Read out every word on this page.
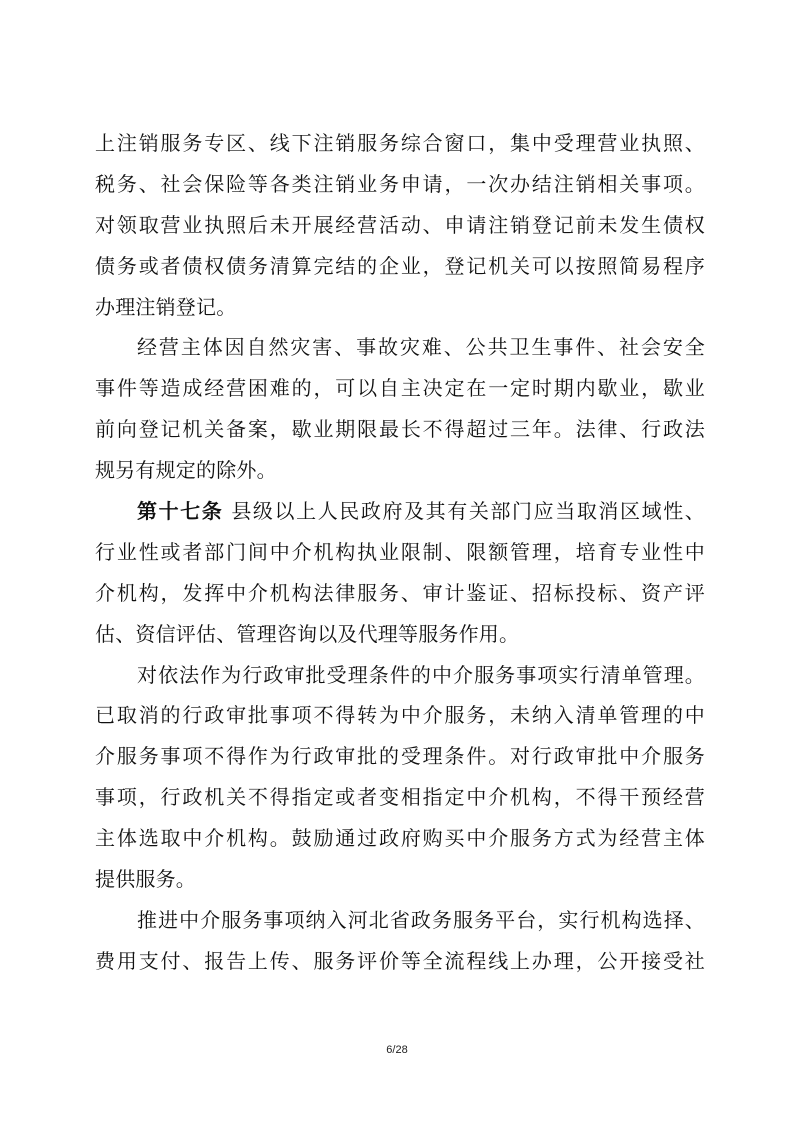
上注销服务专区、线下注销服务综合窗口，集中受理营业执照、
税务、社会保险等各类注销业务申请，一次办结注销相关事项。
对领取营业执照后未开展经营活动、申请注销登记前未发生债权
债务或者债权债务清算完结的企业，登记机关可以按照简易程序
办理注销登记。
经营主体因自然灾害、事故灾难、公共卫生事件、社会安全
事件等造成经营困难的，可以自主决定在一定时期内歇业，歇业
前向登记机关备案，歇业期限最长不得超过三年。法律、行政法
规另有规定的除外。
第十七条 县级以上人民政府及其有关部门应当取消区域性、
行业性或者部门间中介机构执业限制、限额管理，培育专业性中
介机构，发挥中介机构法律服务、审计鉴证、招标投标、资产评
估、资信评估、管理咨询以及代理等服务作用。
对依法作为行政审批受理条件的中介服务事项实行清单管理。
已取消的行政审批事项不得转为中介服务，未纳入清单管理的中
介服务事项不得作为行政审批的受理条件。对行政审批中介服务
事项，行政机关不得指定或者变相指定中介机构，不得干预经营
主体选取中介机构。鼓励通过政府购买中介服务方式为经营主体
提供服务。
推进中介服务事项纳入河北省政务服务平台，实行机构选择、
费用支付、报告上传、服务评价等全流程线上办理，公开接受社
6/28
